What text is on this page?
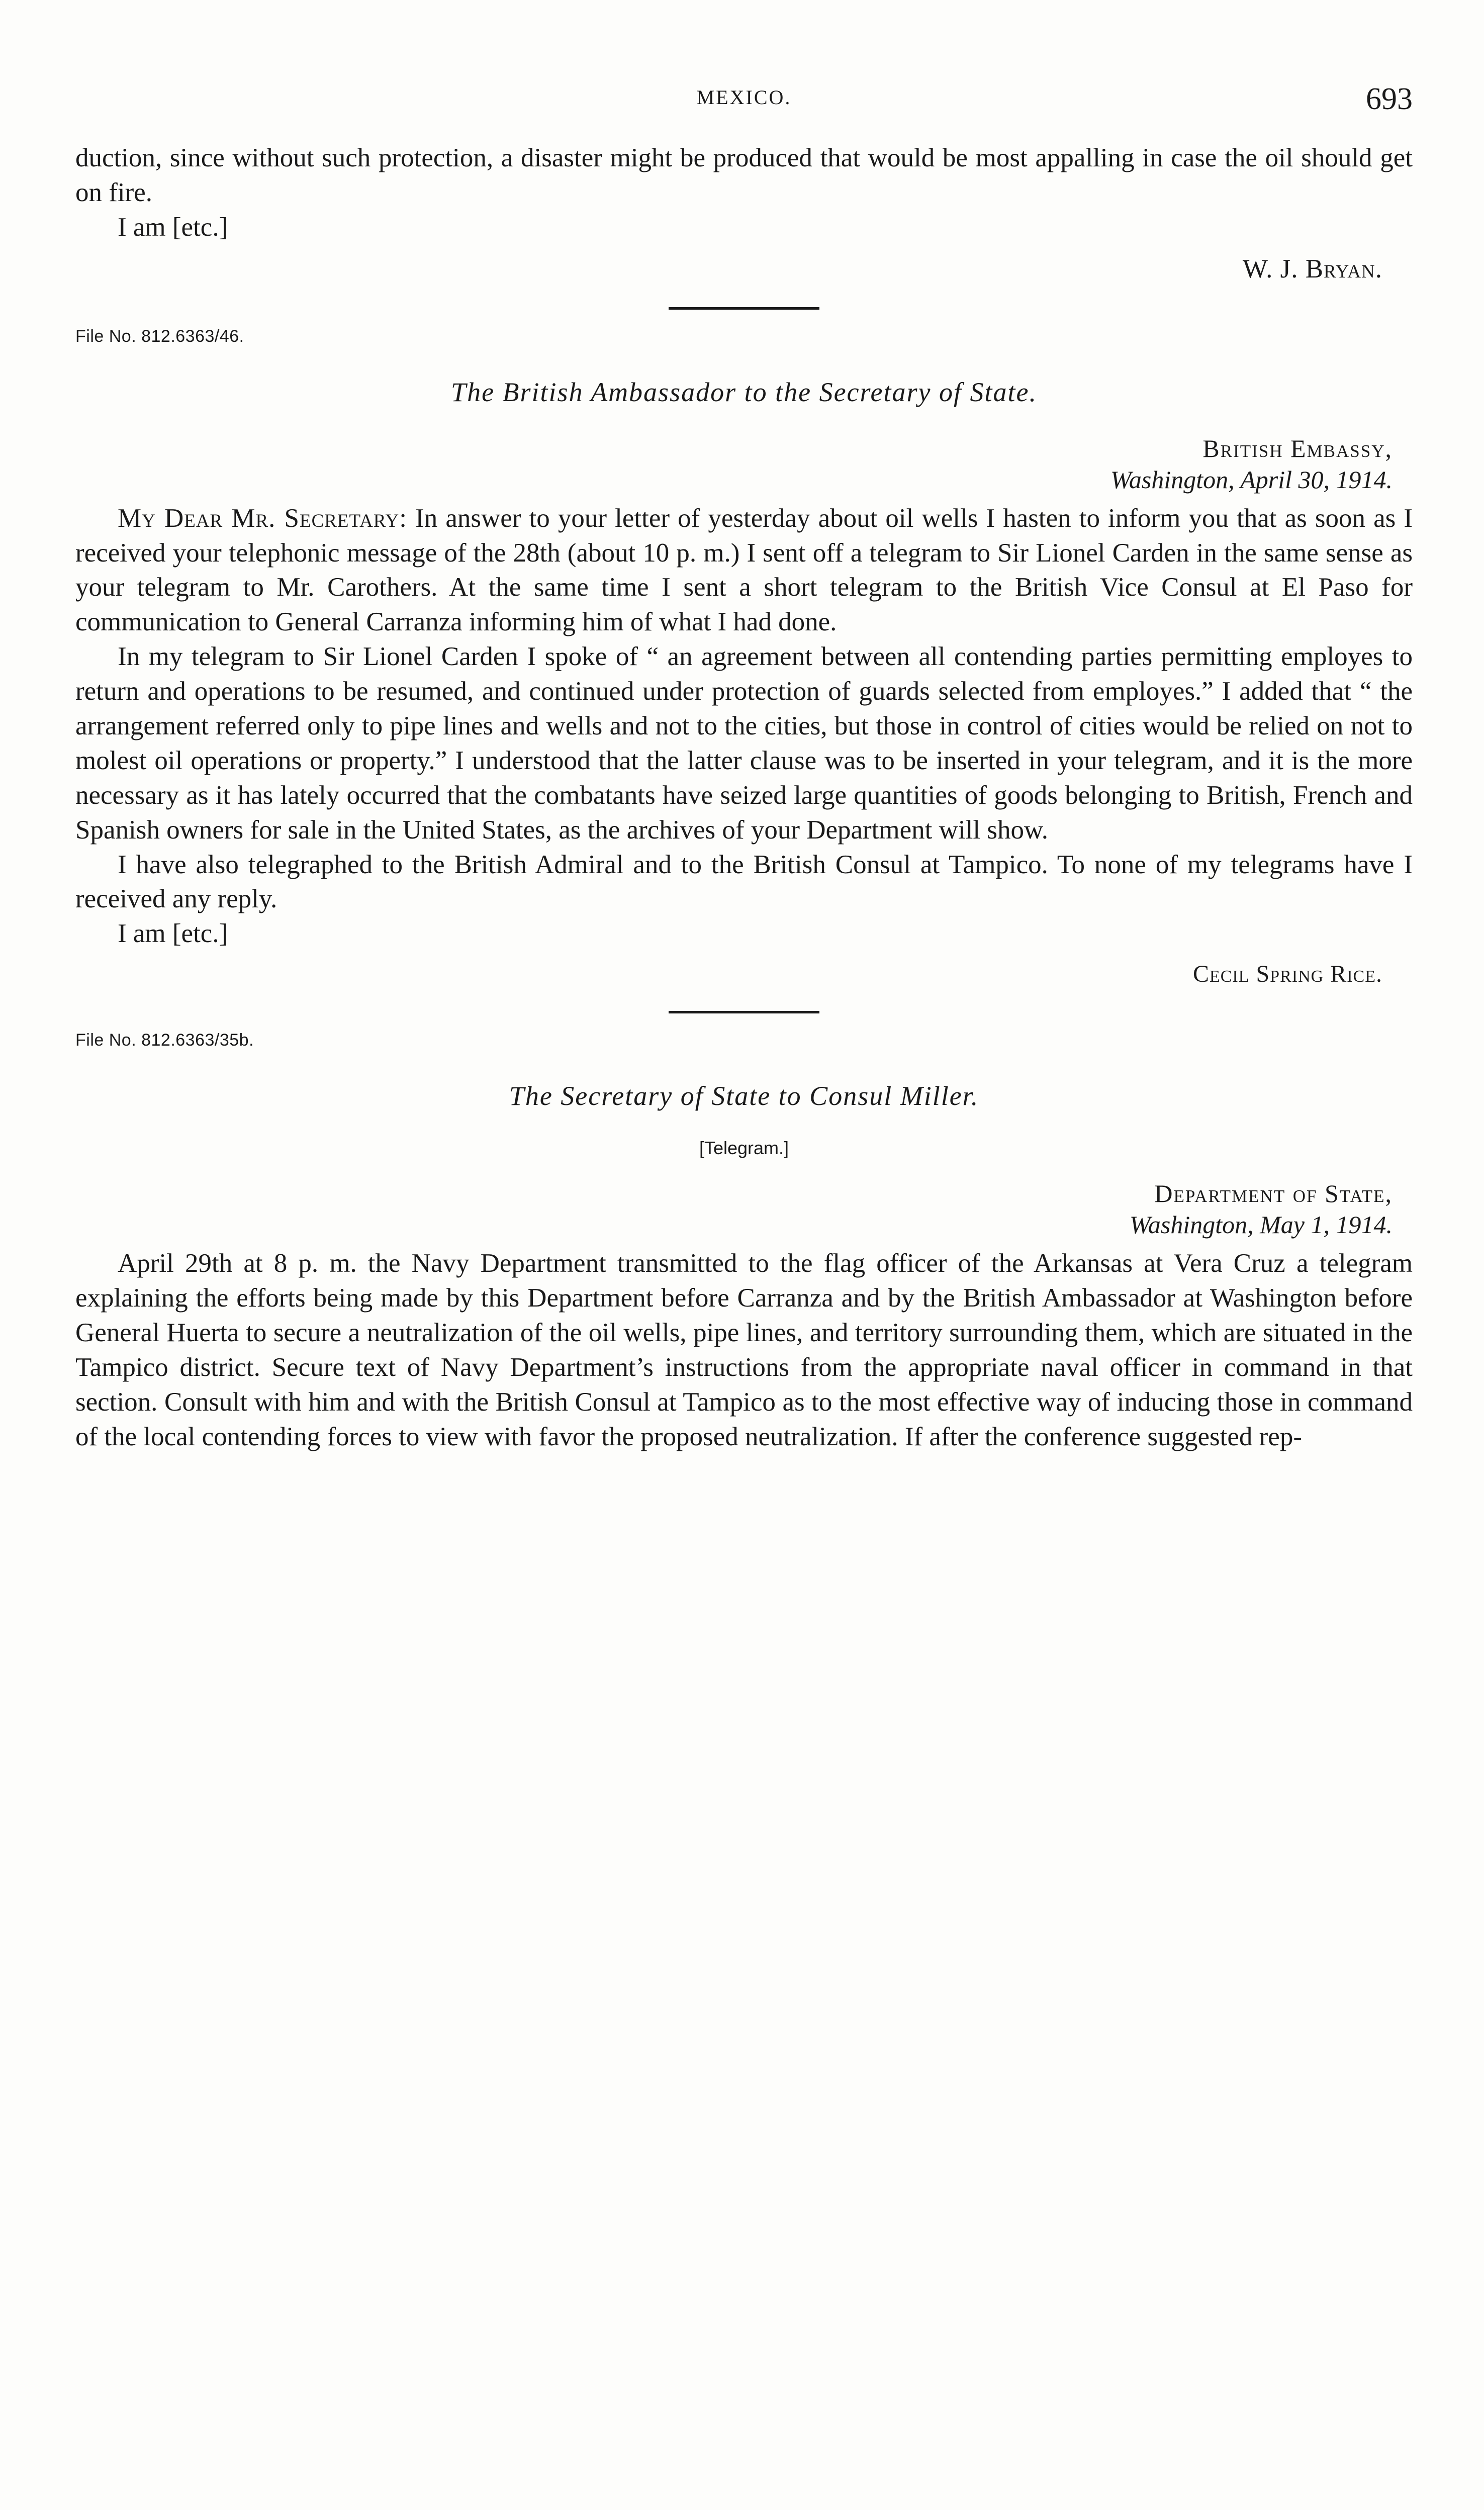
MEXICO.	693

duction, since without such protection, a disaster might be produced that would be most appalling in case the oil should get on fire.

I am [etc.]

W. J. Bryan.
File No. 812.6363/46.
The British Ambassador to the Secretary of State.
British Embassy,
Washington, April 30, 1914.

My Dear Mr. Secretary: In answer to your letter of yesterday about oil wells I hasten to inform you that as soon as I received your telephonic message of the 28th (about 10 p. m.) I sent off a telegram to Sir Lionel Carden in the same sense as your telegram to Mr. Carothers. At the same time I sent a short telegram to the British Vice Consul at El Paso for communication to General Carranza informing him of what I had done.

In my telegram to Sir Lionel Carden I spoke of “ an agreement between all contending parties permitting employes to return and operations to be resumed, and continued under protection of guards selected from employes.” I added that “ the arrangement referred only to pipe lines and wells and not to the cities, but those in control of cities would be relied on not to molest oil operations or property.” I understood that the latter clause was to be inserted in your telegram, and it is the more necessary as it has lately occurred that the combatants have seized large quantities of goods belonging to British, French and Spanish owners for sale in the United States, as the archives of your Department will show.

I have also telegraphed to the British Admiral and to the British Consul at Tampico. To none of my telegrams have I received any reply.

I am [etc.]

Cecil Spring Rice.
File No. 812.6363/35b.
The Secretary of State to Consul Miller.
[Telegram.]
Department of State,
Washington, May 1, 1914.

April 29th at 8 p. m. the Navy Department transmitted to the flag officer of the Arkansas at Vera Cruz a telegram explaining the efforts being made by this Department before Carranza and by the British Ambassador at Washington before General Huerta to secure a neutralization of the oil wells, pipe lines, and territory surrounding them, which are situated in the Tampico district. Secure text of Navy Department’s instructions from the appropriate naval officer in command in that section. Consult with him and with the British Consul at Tampico as to the most effective way of inducing those in command of the local contending forces to view with favor the proposed neutralization. If after the conference suggested rep-
